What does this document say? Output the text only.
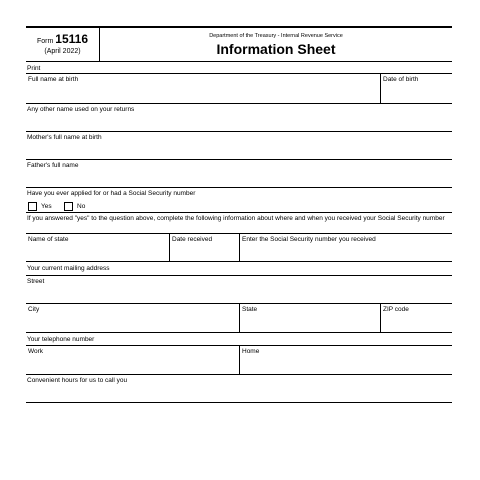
Form 15116
(April 2022)
Department of the Treasury - Internal Revenue Service
Information Sheet
Print
Full name at birth	Date of birth
Any other name used on your returns
Mother's full name at birth
Father's full name
Have you ever applied for or had a Social Security number
Yes	No
If you answered "yes" to the question above, complete the following information about where and when you received your Social Security number
Name of state	Date received	Enter the Social Security number you received
Your current mailing address
Street
City	State	ZIP code
Your telephone number
Work	Home
Convenient hours for us to call you
